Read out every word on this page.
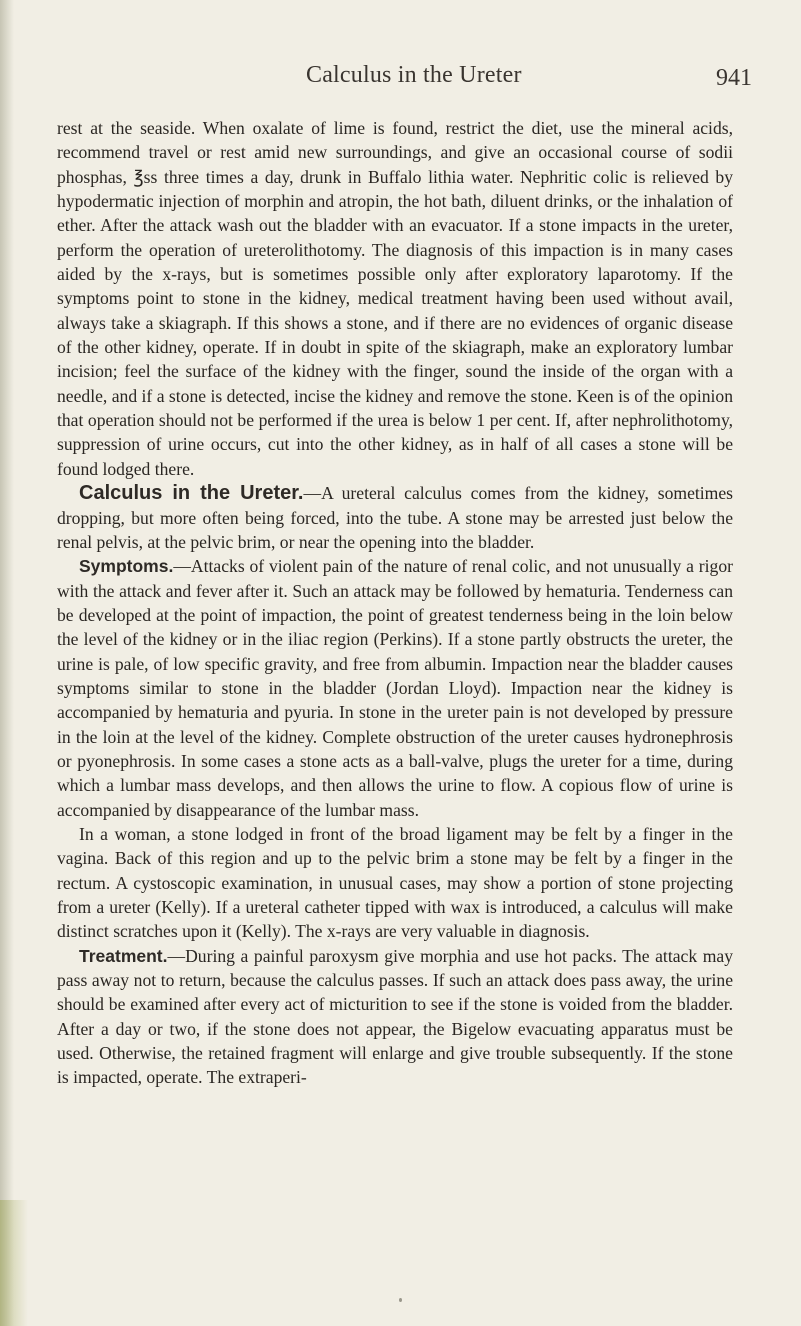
Calculus in the Ureter	941

rest at the seaside. When oxalate of lime is found, restrict the diet, use the mineral acids, recommend travel or rest amid new surroundings, and give an occasional course of sodii phosphas, ℥ss three times a day, drunk in Buffalo lithia water. Nephritic colic is relieved by hypodermatic injection of morphin and atropin, the hot bath, diluent drinks, or the inhalation of ether. After the attack wash out the bladder with an evacuator. If a stone impacts in the ureter, perform the operation of ureterolithotomy. The diagnosis of this impaction is in many cases aided by the x-rays, but is sometimes possible only after exploratory laparotomy. If the symptoms point to stone in the kidney, medical treatment having been used without avail, always take a skiagraph. If this shows a stone, and if there are no evidences of organic disease of the other kidney, operate. If in doubt in spite of the skiagraph, make an exploratory lumbar incision; feel the surface of the kidney with the finger, sound the inside of the organ with a needle, and if a stone is detected, incise the kidney and remove the stone. Keen is of the opinion that operation should not be performed if the urea is below 1 per cent. If, after nephrolithotomy, suppression of urine occurs, cut into the other kidney, as in half of all cases a stone will be found lodged there.

Calculus in the Ureter.—A ureteral calculus comes from the kidney, sometimes dropping, but more often being forced, into the tube. A stone may be arrested just below the renal pelvis, at the pelvic brim, or near the opening into the bladder.

Symptoms.—Attacks of violent pain of the nature of renal colic, and not unusually a rigor with the attack and fever after it. Such an attack may be followed by hematuria. Tenderness can be developed at the point of impaction, the point of greatest tenderness being in the loin below the level of the kidney or in the iliac region (Perkins). If a stone partly obstructs the ureter, the urine is pale, of low specific gravity, and free from albumin. Impaction near the bladder causes symptoms similar to stone in the bladder (Jordan Lloyd). Impaction near the kidney is accompanied by hematuria and pyuria. In stone in the ureter pain is not developed by pressure in the loin at the level of the kidney. Complete obstruction of the ureter causes hydronephrosis or pyonephrosis. In some cases a stone acts as a ball-valve, plugs the ureter for a time, during which a lumbar mass develops, and then allows the urine to flow. A copious flow of urine is accompanied by disappearance of the lumbar mass.

In a woman, a stone lodged in front of the broad ligament may be felt by a finger in the vagina. Back of this region and up to the pelvic brim a stone may be felt by a finger in the rectum. A cystoscopic examination, in unusual cases, may show a portion of stone projecting from a ureter (Kelly). If a ureteral catheter tipped with wax is introduced, a calculus will make distinct scratches upon it (Kelly). The x-rays are very valuable in diagnosis.

Treatment.—During a painful paroxysm give morphia and use hot packs. The attack may pass away not to return, because the calculus passes. If such an attack does pass away, the urine should be examined after every act of micturition to see if the stone is voided from the bladder. After a day or two, if the stone does not appear, the Bigelow evacuating apparatus must be used. Otherwise, the retained fragment will enlarge and give trouble subsequently. If the stone is impacted, operate. The extraperi-
